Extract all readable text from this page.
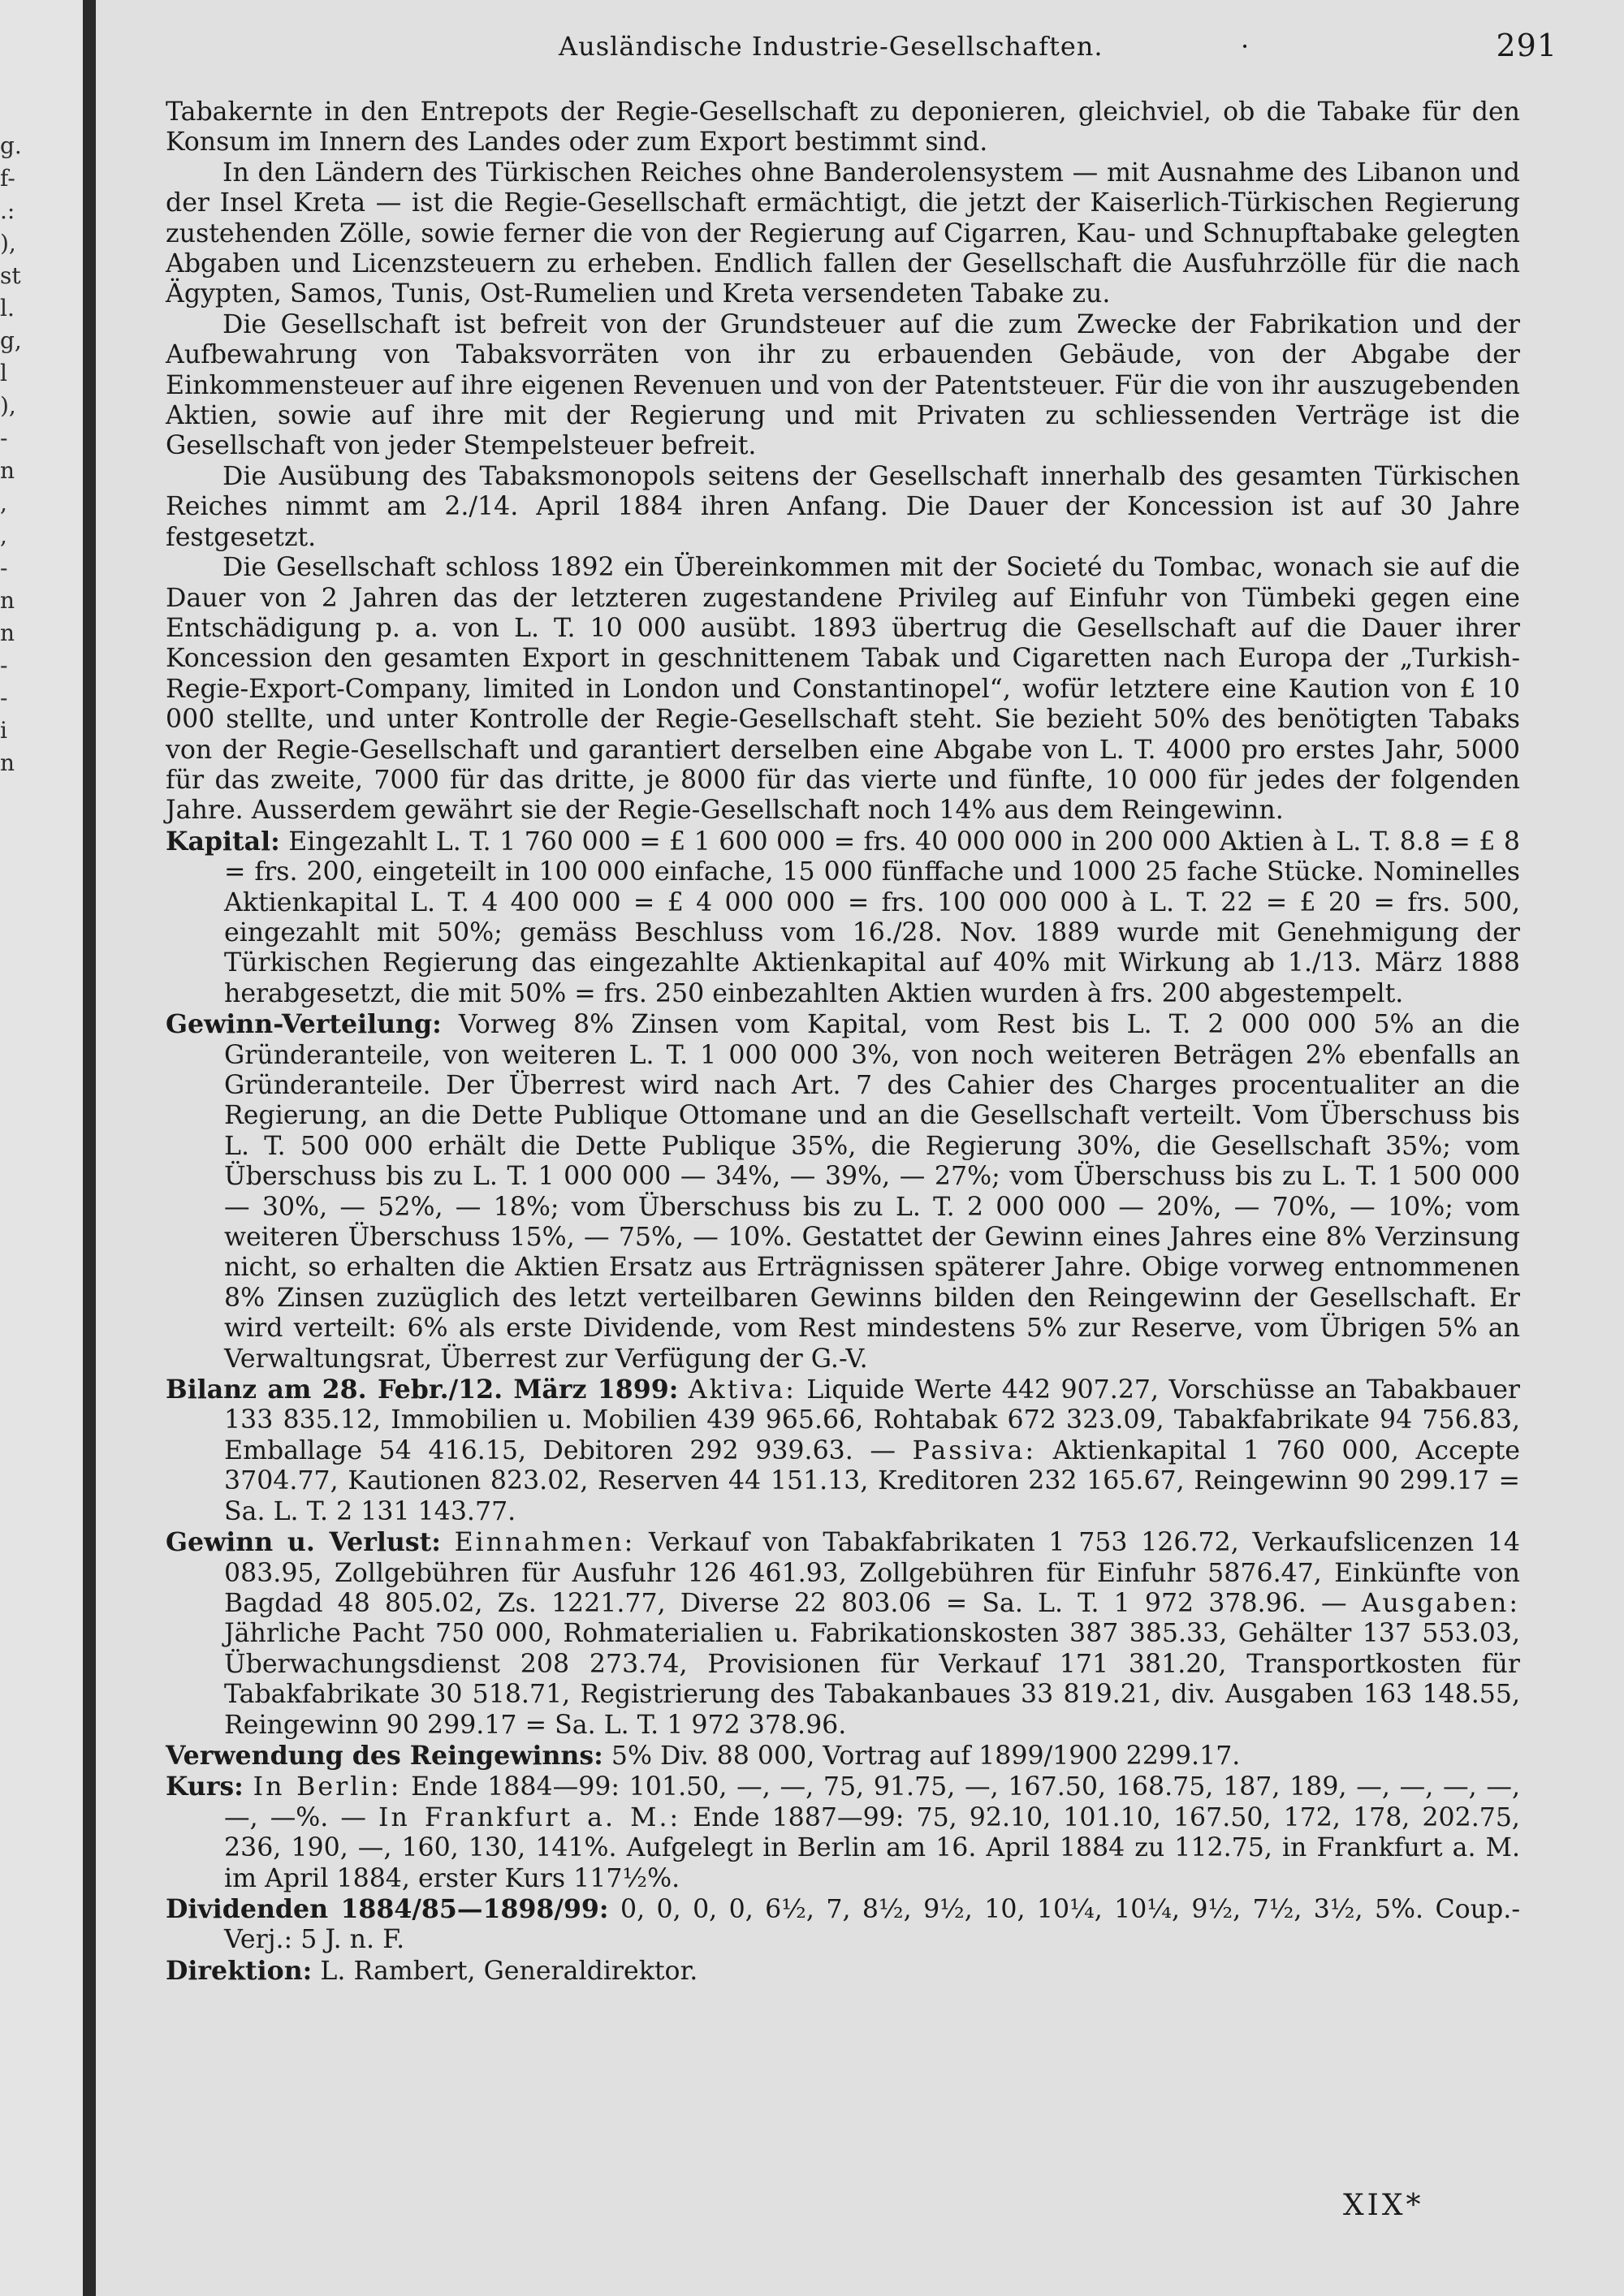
g.
f-
.:
),
st
l.
g,
l
),
-
n
,
,
-
n
n
-
-
i
n
Ausländische Industrie-Gesellschaften.	·	291

Tabakernte in den Entrepots der Regie-Gesellschaft zu deponieren, gleichviel, ob die Tabake für den Konsum im Innern des Landes oder zum Export bestimmt sind.

In den Ländern des Türkischen Reiches ohne Banderolensystem — mit Ausnahme des Libanon und der Insel Kreta — ist die Regie-Gesellschaft ermächtigt, die jetzt der Kaiserlich-Türkischen Regierung zustehenden Zölle, sowie ferner die von der Regierung auf Cigarren, Kau- und Schnupftabake gelegten Abgaben und Licenzsteuern zu erheben. Endlich fallen der Gesellschaft die Ausfuhrzölle für die nach Ägypten, Samos, Tunis, Ost-Rumelien und Kreta versendeten Tabake zu.

Die Gesellschaft ist befreit von der Grundsteuer auf die zum Zwecke der Fabrikation und der Aufbewahrung von Tabaksvorräten von ihr zu erbauenden Gebäude, von der Abgabe der Einkommensteuer auf ihre eigenen Revenuen und von der Patentsteuer. Für die von ihr auszugebenden Aktien, sowie auf ihre mit der Regierung und mit Privaten zu schliessenden Verträge ist die Gesellschaft von jeder Stempelsteuer befreit.

Die Ausübung des Tabaksmonopols seitens der Gesellschaft innerhalb des gesamten Türkischen Reiches nimmt am 2./14. April 1884 ihren Anfang. Die Dauer der Koncession ist auf 30 Jahre festgesetzt.

Die Gesellschaft schloss 1892 ein Übereinkommen mit der Societé du Tombac, wonach sie auf die Dauer von 2 Jahren das der letzteren zugestandene Privileg auf Einfuhr von Tümbeki gegen eine Entschädigung p. a. von L. T. 10 000 ausübt. 1893 übertrug die Gesellschaft auf die Dauer ihrer Koncession den gesamten Export in geschnittenem Tabak und Cigaretten nach Europa der „Turkish-Regie-Export-Company, limited in London und Constantinopel“, wofür letztere eine Kaution von £ 10 000 stellte, und unter Kontrolle der Regie-Gesellschaft steht. Sie bezieht 50% des benötigten Tabaks von der Regie-Gesellschaft und garantiert derselben eine Abgabe von L. T. 4000 pro erstes Jahr, 5000 für das zweite, 7000 für das dritte, je 8000 für das vierte und fünfte, 10 000 für jedes der folgenden Jahre. Ausserdem gewährt sie der Regie-Gesellschaft noch 14% aus dem Reingewinn.

Kapital: Eingezahlt L. T. 1 760 000 = £ 1 600 000 = frs. 40 000 000 in 200 000 Aktien à L. T. 8.8 = £ 8 = frs. 200, eingeteilt in 100 000 einfache, 15 000 fünffache und 1000 25 fache Stücke. Nominelles Aktienkapital L. T. 4 400 000 = £ 4 000 000 = frs. 100 000 000 à L. T. 22 = £ 20 = frs. 500, eingezahlt mit 50%; gemäss Beschluss vom 16./28. Nov. 1889 wurde mit Genehmigung der Türkischen Regierung das eingezahlte Aktienkapital auf 40% mit Wirkung ab 1./13. März 1888 herabgesetzt, die mit 50% = frs. 250 einbezahlten Aktien wurden à frs. 200 abgestempelt.

Gewinn-Verteilung: Vorweg 8% Zinsen vom Kapital, vom Rest bis L. T. 2 000 000 5% an die Gründeranteile, von weiteren L. T. 1 000 000 3%, von noch weiteren Beträgen 2% ebenfalls an Gründeranteile. Der Überrest wird nach Art. 7 des Cahier des Charges procentualiter an die Regierung, an die Dette Publique Ottomane und an die Gesellschaft verteilt. Vom Überschuss bis L. T. 500 000 erhält die Dette Publique 35%, die Regierung 30%, die Gesellschaft 35%; vom Überschuss bis zu L. T. 1 000 000 — 34%, — 39%, — 27%; vom Überschuss bis zu L. T. 1 500 000 — 30%, — 52%, — 18%; vom Überschuss bis zu L. T. 2 000 000 — 20%, — 70%, — 10%; vom weiteren Überschuss 15%, — 75%, — 10%. Gestattet der Gewinn eines Jahres eine 8% Verzinsung nicht, so erhalten die Aktien Ersatz aus Erträgnissen späterer Jahre. Obige vorweg entnommenen 8% Zinsen zuzüglich des letzt verteilbaren Gewinns bilden den Reingewinn der Gesellschaft. Er wird verteilt: 6% als erste Dividende, vom Rest mindestens 5% zur Reserve, vom Übrigen 5% an Verwaltungsrat, Überrest zur Verfügung der G.-V.

Bilanz am 28. Febr./12. März 1899: Aktiva: Liquide Werte 442 907.27, Vorschüsse an Tabakbauer 133 835.12, Immobilien u. Mobilien 439 965.66, Rohtabak 672 323.09, Tabakfabrikate 94 756.83, Emballage 54 416.15, Debitoren 292 939.63. — Passiva: Aktienkapital 1 760 000, Accepte 3704.77, Kautionen 823.02, Reserven 44 151.13, Kreditoren 232 165.67, Reingewinn 90 299.17 = Sa. L. T. 2 131 143.77.

Gewinn u. Verlust: Einnahmen: Verkauf von Tabakfabrikaten 1 753 126.72, Verkaufslicenzen 14 083.95, Zollgebühren für Ausfuhr 126 461.93, Zollgebühren für Einfuhr 5876.47, Einkünfte von Bagdad 48 805.02, Zs. 1221.77, Diverse 22 803.06 = Sa. L. T. 1 972 378.96. — Ausgaben: Jährliche Pacht 750 000, Rohmaterialien u. Fabrikationskosten 387 385.33, Gehälter 137 553.03, Überwachungsdienst 208 273.74, Provisionen für Verkauf 171 381.20, Transportkosten für Tabakfabrikate 30 518.71, Registrierung des Tabakanbaues 33 819.21, div. Ausgaben 163 148.55, Reingewinn 90 299.17 = Sa. L. T. 1 972 378.96.

Verwendung des Reingewinns: 5% Div. 88 000, Vortrag auf 1899/1900 2299.17.

Kurs: In Berlin: Ende 1884—99: 101.50, —, —, 75, 91.75, —, 167.50, 168.75, 187, 189, —, —, —, —, —, —%. — In Frankfurt a. M.: Ende 1887—99: 75, 92.10, 101.10, 167.50, 172, 178, 202.75, 236, 190, —, 160, 130, 141%. Aufgelegt in Berlin am 16. April 1884 zu 112.75, in Frankfurt a. M. im April 1884, erster Kurs 117½%.

Dividenden 1884/85—1898/99: 0, 0, 0, 0, 6½, 7, 8½, 9½, 10, 10¼, 10¼, 9½, 7½, 3½, 5%. Coup.-Verj.: 5 J. n. F.

Direktion: L. Rambert, Generaldirektor.

XIX*
